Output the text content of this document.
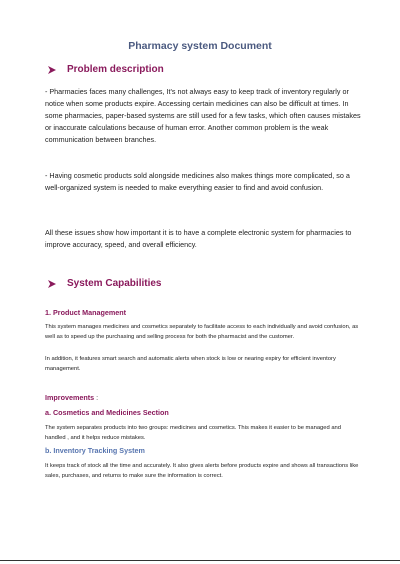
Pharmacy system Document
Problem description

- Pharmacies faces many challenges, It’s not always easy to keep track of inventory regularly or notice when some products expire. Accessing certain medicines can also be difficult at times. In some pharmacies, paper-based systems are still used for a few tasks, which often causes mistakes or inaccurate calculations because of human error. Another common problem is the weak communication between branches.

- Having cosmetic products sold alongside medicines also makes things more complicated, so a well-organized system is needed to make everything easier to find and avoid confusion.

All these issues show how important it is to have a complete electronic system for pharmacies to improve accuracy, speed, and overall efficiency.

System Capabilities
1. Product Management

This system manages medicines and cosmetics separately to facilitate access to each individually and avoid confusion, as well as to speed up the purchasing and selling process for both the pharmacist and the customer.

In addition, it features smart search and automatic alerts when stock is low or nearing expiry for efficient inventory management.

Improvements :
a. Cosmetics and Medicines Section

The system separates products into two groups: medicines and cosmetics. This makes it easier to be managed and handled , and it helps reduce mistakes.

b. Inventory Tracking System

It keeps track of stock all the time and accurately. It also gives alerts before products expire and shows all transactions like sales, purchases, and returns to make sure the information is correct.
